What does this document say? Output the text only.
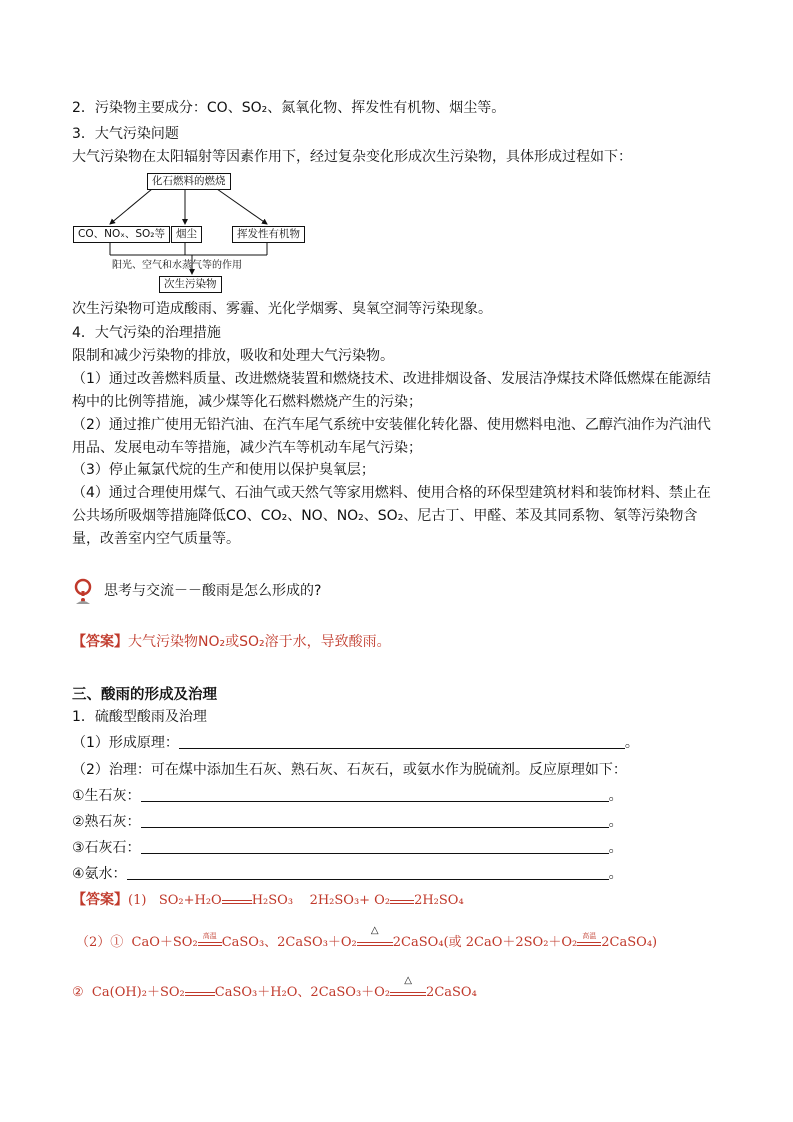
2．污染物主要成分：CO、SO₂、氮氧化物、挥发性有机物、烟尘等。
3．大气污染问题
大气污染物在太阳辐射等因素作用下，经过复杂变化形成次生污染物，具体形成过程如下：
化石燃料的燃烧
CO、NOₓ、SO₂等	烟尘	挥发性有机物
阳光、空气和水蒸气等的作用
次生污染物
次生污染物可造成酸雨、雾霾、光化学烟雾、臭氧空洞等污染现象。
4．大气污染的治理措施
限制和减少污染物的排放，吸收和处理大气污染物。
（1）通过改善燃料质量、改进燃烧装置和燃烧技术、改进排烟设备、发展洁净煤技术降低燃煤在能源结构中的比例等措施，减少煤等化石燃料燃烧产生的污染；
（2）通过推广使用无铅汽油、在汽车尾气系统中安装催化转化器、使用燃料电池、乙醇汽油作为汽油代用品、发展电动车等措施，减少汽车等机动车尾气污染；
（3）停止氟氯代烷的生产和使用以保护臭氧层；
（4）通过合理使用煤气、石油气或天然气等家用燃料、使用合格的环保型建筑材料和装饰材料、禁止在公共场所吸烟等措施降低CO、CO₂、NO、NO₂、SO₂、尼古丁、甲醛、苯及其同系物、氡等污染物含量，改善室内空气质量等。
思考与交流－－酸雨是怎么形成的?
【答案】大气污染物NO₂或SO₂溶于水，导致酸雨。
三、酸雨的形成及治理
1．硫酸型酸雨及治理
（1）形成原理：	。
（2）治理：可在煤中添加生石灰、熟石灰、石灰石，或氨水作为脱硫剂。反应原理如下：
①生石灰：	。
②熟石灰：	。
③石灰石：	。
④氨水：	。
【答案】(1) SO₂+H₂O H₂SO₃ 2H₂SO₃+ O₂ 2H₂SO₄
（2）① CaO＋SO₂ 高温 CaSO₃、2CaSO₃＋O₂
△
2CaSO₄(或 2CaO＋2SO₂＋O₂ 高温 2CaSO₄)
② Ca(OH)₂＋SO₂ CaSO₃＋H₂O、2CaSO₃＋O₂
△
2CaSO₄
